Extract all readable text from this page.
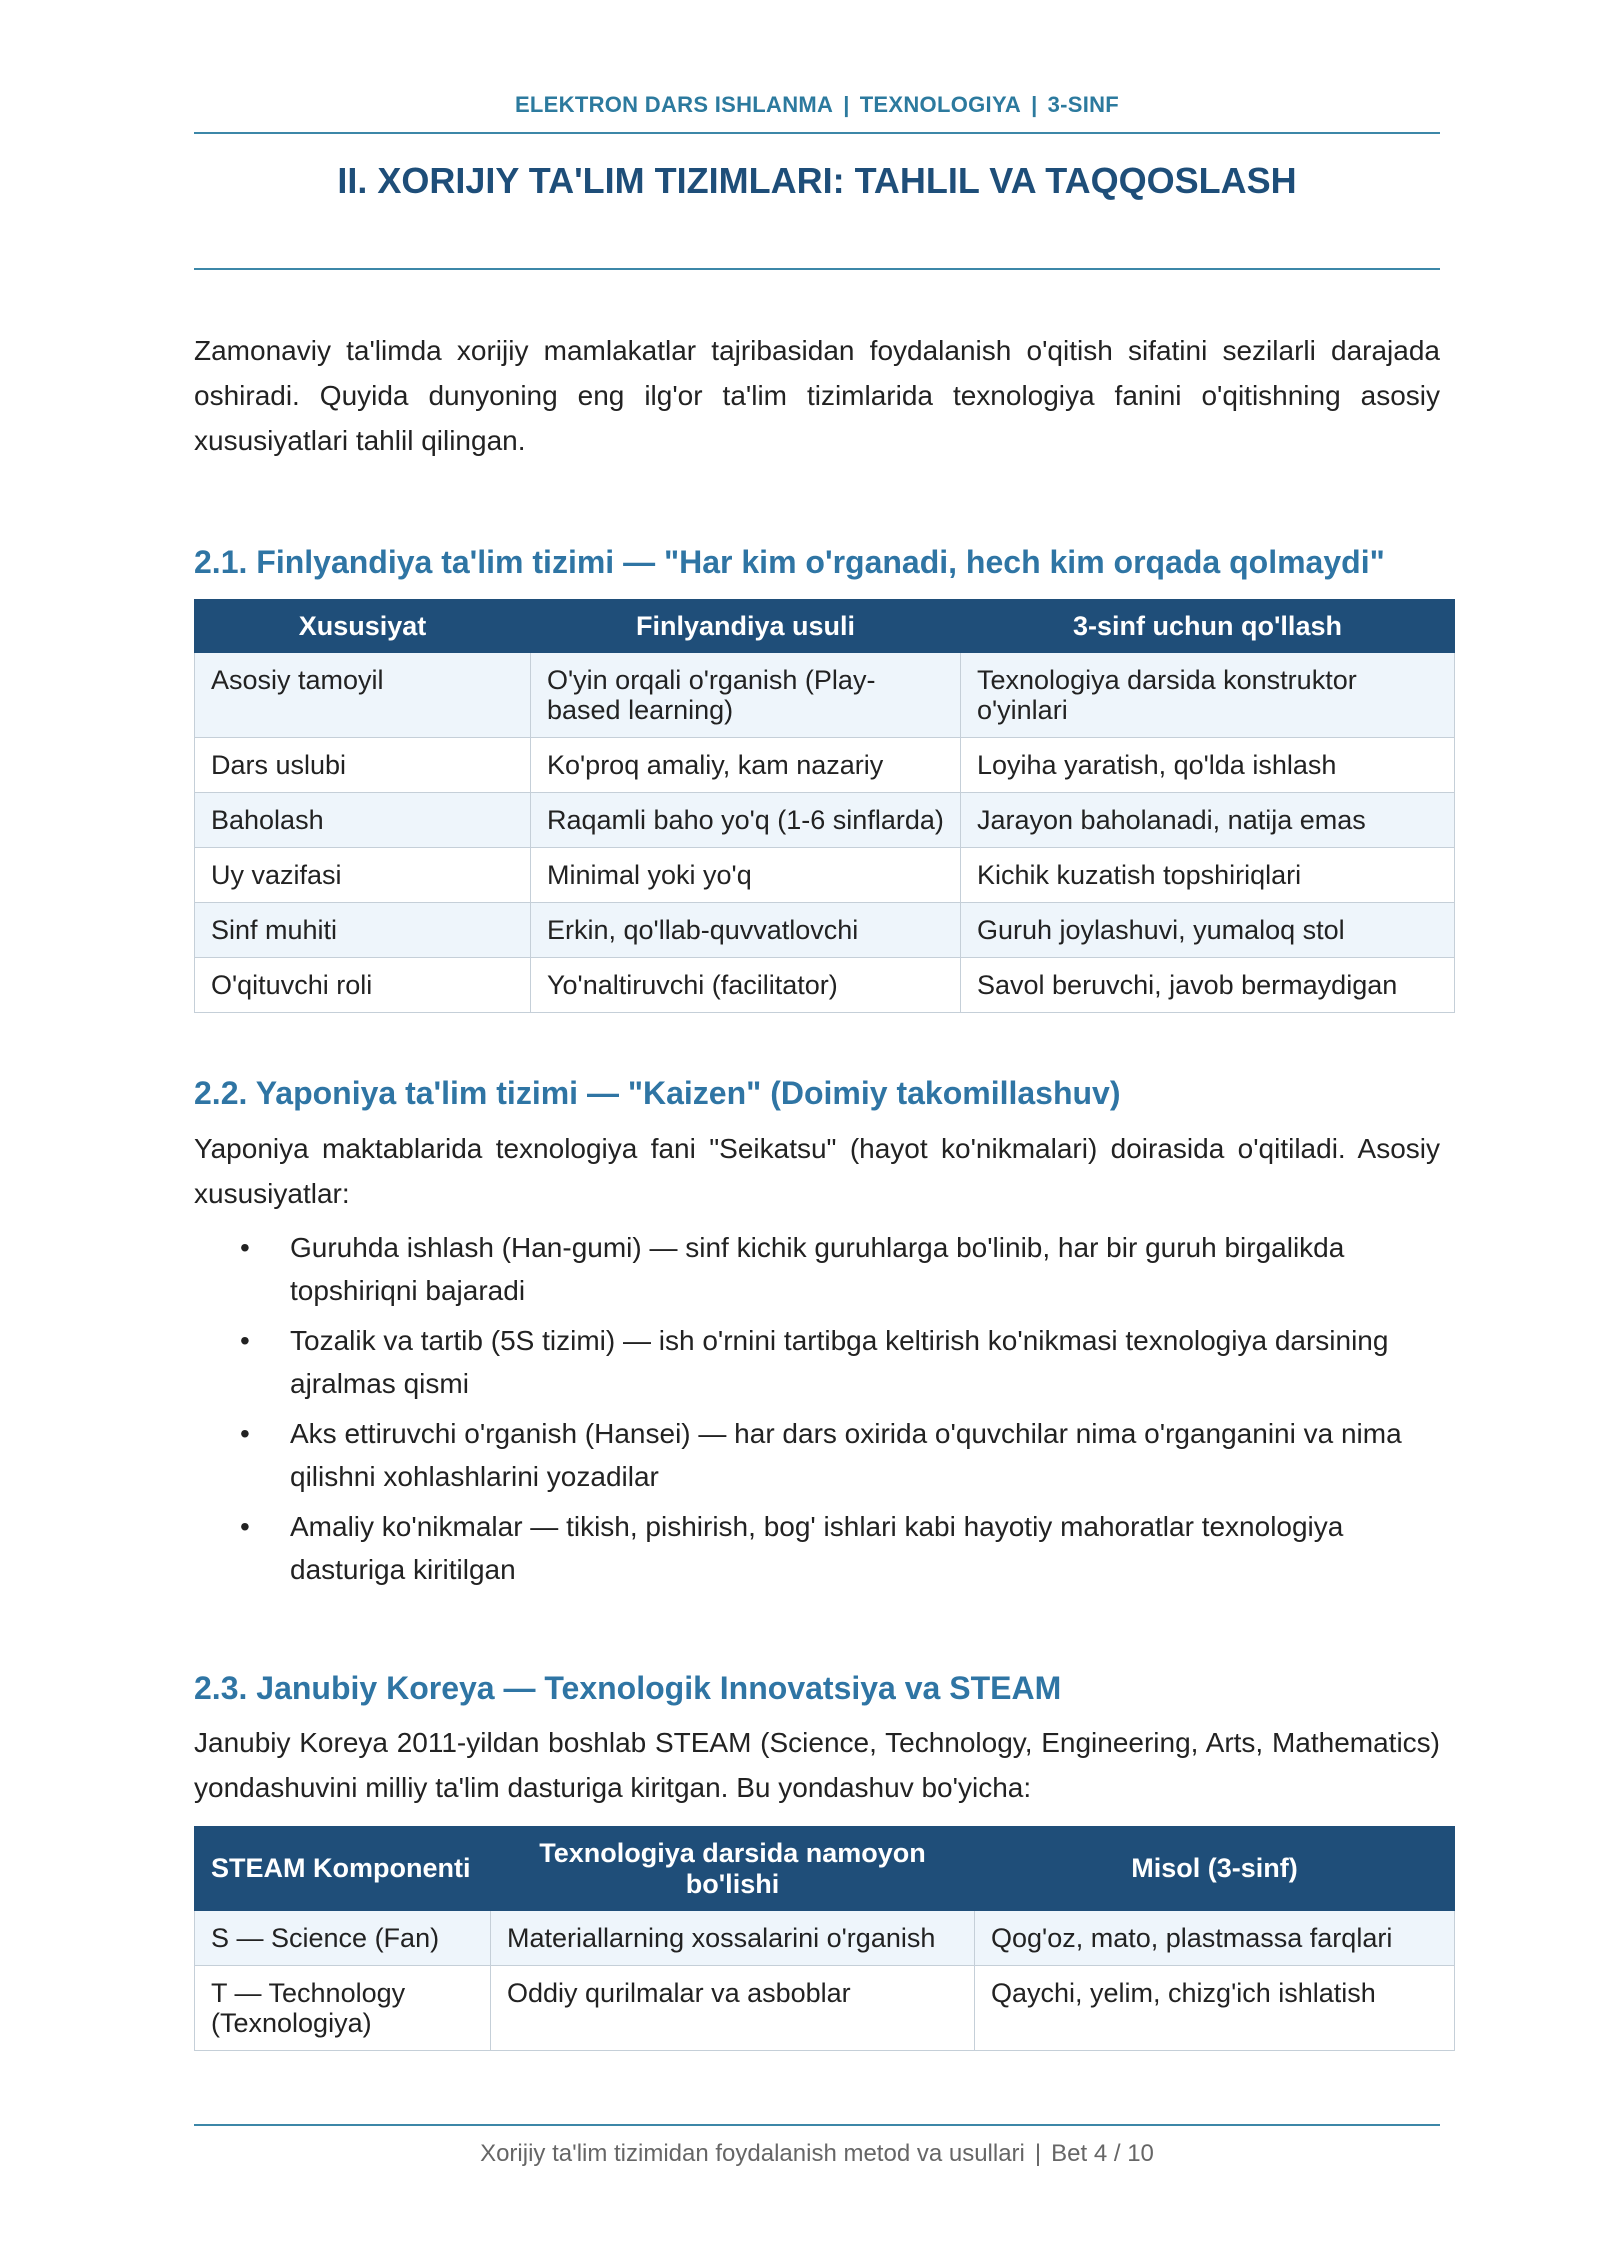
ELEKTRON DARS ISHLANMA | TEXNOLOGIYA | 3-SINF
II. XORIJIY TA'LIM TIZIMLARI: TAHLIL VA TAQQOSLASH

Zamonaviy ta'limda xorijiy mamlakatlar tajribasidan foydalanish o'qitish sifatini sezilarli darajada oshiradi. Quyida dunyoning eng ilg'or ta'lim tizimlarida texnologiya fanini o'qitishning asosiy xususiyatlari tahlil qilingan.

2.1. Finlyandiya ta'lim tizimi — "Har kim o'rganadi, hech kim orqada qolmaydi"
Xususiyat	Finlyandiya usuli	3-sinf uchun qo'llash
Asosiy tamoyil	O'yin orqali o'rganish (Play-based learning)	Texnologiya darsida konstruktor o'yinlari
Dars uslubi	Ko'proq amaliy, kam nazariy	Loyiha yaratish, qo'lda ishlash
Baholash	Raqamli baho yo'q (1-6 sinflarda)	Jarayon baholanadi, natija emas
Uy vazifasi	Minimal yoki yo'q	Kichik kuzatish topshiriqlari
Sinf muhiti	Erkin, qo'llab-quvvatlovchi	Guruh joylashuvi, yumaloq stol
O'qituvchi roli	Yo'naltiruvchi (facilitator)	Savol beruvchi, javob bermaydigan
2.2. Yaponiya ta'lim tizimi — "Kaizen" (Doimiy takomillashuv)

Yaponiya maktablarida texnologiya fani "Seikatsu" (hayot ko'nikmalari) doirasida o'qitiladi. Asosiy xususiyatlar:

• Guruhda ishlash (Han-gumi) — sinf kichik guruhlarga bo'linib, har bir guruh birgalikda topshiriqni bajaradi
• Tozalik va tartib (5S tizimi) — ish o'rnini tartibga keltirish ko'nikmasi texnologiya darsining ajralmas qismi
• Aks ettiruvchi o'rganish (Hansei) — har dars oxirida o'quvchilar nima o'rganganini va nima qilishni xohlashlarini yozadilar
• Amaliy ko'nikmalar — tikish, pishirish, bog' ishlari kabi hayotiy mahoratlar texnologiya dasturiga kiritilgan
2.3. Janubiy Koreya — Texnologik Innovatsiya va STEAM

Janubiy Koreya 2011-yildan boshlab STEAM (Science, Technology, Engineering, Arts, Mathematics) yondashuvini milliy ta'lim dasturiga kiritgan. Bu yondashuv bo'yicha:

STEAM Komponenti	Texnologiya darsida namoyon bo'lishi	Misol (3-sinf)
S — Science (Fan)	Materiallarning xossalarini o'rganish	Qog'oz, mato, plastmassa farqlari
T — Technology (Texnologiya)	Oddiy qurilmalar va asboblar	Qaychi, yelim, chizg'ich ishlatish
Xorijiy ta'lim tizimidan foydalanish metod va usullari | Bet 4 / 10
